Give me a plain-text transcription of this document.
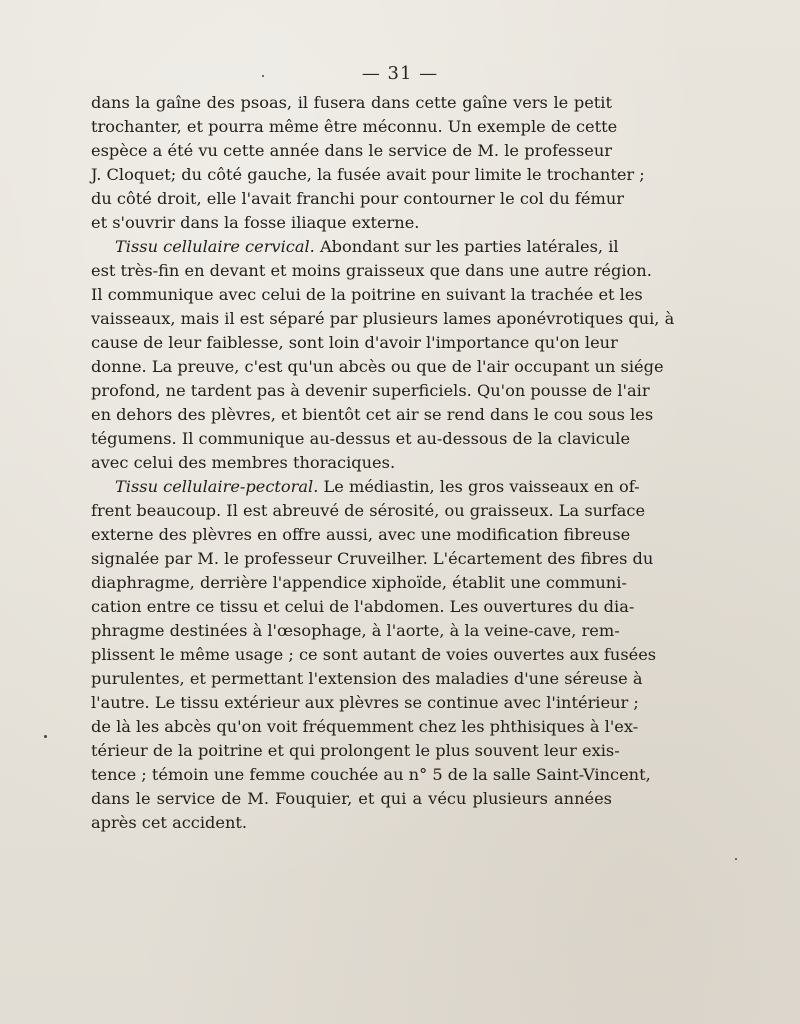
— 31 —
dans la gaîne des psoas, il fusera dans cette gaîne vers le petit
trochanter, et pourra même être méconnu. Un exemple de cette
espèce a été vu cette année dans le service de M. le professeur
J. Cloquet; du côté gauche, la fusée avait pour limite le trochanter ;
du côté droit, elle l'avait franchi pour contourner le col du fémur
et s'ouvrir dans la fosse iliaque externe.
Tissu cellulaire cervical. Abondant sur les parties latérales, il
est très-fin en devant et moins graisseux que dans une autre région.
Il communique avec celui de la poitrine en suivant la trachée et les
vaisseaux, mais il est séparé par plusieurs lames aponévrotiques qui, à
cause de leur faiblesse, sont loin d'avoir l'importance qu'on leur
donne. La preuve, c'est qu'un abcès ou que de l'air occupant un siége
profond, ne tardent pas à devenir superficiels. Qu'on pousse de l'air
en dehors des plèvres, et bientôt cet air se rend dans le cou sous les
tégumens. Il communique au-dessus et au-dessous de la clavicule
avec celui des membres thoraciques.
Tissu cellulaire-pectoral. Le médiastin, les gros vaisseaux en of-
frent beaucoup. Il est abreuvé de sérosité, ou graisseux. La surface
externe des plèvres en offre aussi, avec une modification fibreuse
signalée par M. le professeur Cruveilher. L'écartement des fibres du
diaphragme, derrière l'appendice xiphoïde, établit une communi-
cation entre ce tissu et celui de l'abdomen. Les ouvertures du dia-
phragme destinées à l'œsophage, à l'aorte, à la veine-cave, rem-
plissent le même usage ; ce sont autant de voies ouvertes aux fusées
purulentes, et permettant l'extension des maladies d'une séreuse à
l'autre. Le tissu extérieur aux plèvres se continue avec l'intérieur ;
de là les abcès qu'on voit fréquemment chez les phthisiques à l'ex-
térieur de la poitrine et qui prolongent le plus souvent leur exis-
tence ; témoin une femme couchée au n° 5 de la salle Saint-Vincent,
dans le service de M. Fouquier, et qui a vécu plusieurs années
après cet accident.
